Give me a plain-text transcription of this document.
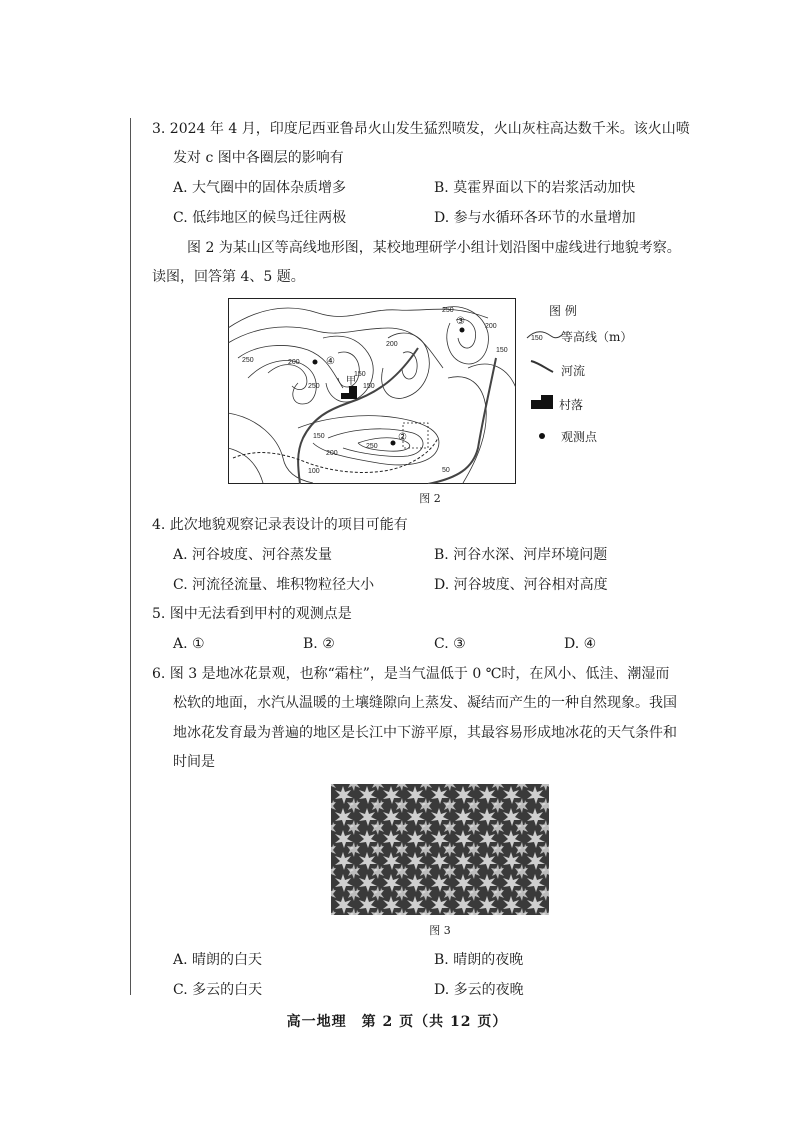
3. 2024 年 4 月，印度尼西亚鲁昂火山发生猛烈喷发，火山灰柱高达数千米。该火山喷
发对 c 图中各圈层的影响有
A. 大气圈中的固体杂质增多	B. 莫霍界面以下的岩浆活动加快
C. 低纬地区的候鸟迁往两极	D. 参与水循环各环节的水量增加
图 2 为某山区等高线地形图，某校地理研学小组计划沿图中虚线进行地貌考察。
读图，回答第 4、5 题。
250
200
150
250	200
250	150
150
200
250
100	50
200
150
甲
③
④
②
图 例
150 等高线（m）
河流
村落
观测点
图 2
4. 此次地貌观察记录表设计的项目可能有
A. 河谷坡度、河谷蒸发量	B. 河谷水深、河岸环境问题
C. 河流径流量、堆积物粒径大小	D. 河谷坡度、河谷相对高度
5. 图中无法看到甲村的观测点是
A. ①	B. ②	C. ③	D. ④
6. 图 3 是地冰花景观，也称“霜柱”，是当气温低于 0 ℃时，在风小、低洼、潮湿而
松软的地面，水汽从温暖的土壤缝隙向上蒸发、凝结而产生的一种自然现象。我国
地冰花发育最为普遍的地区是长江中下游平原，其最容易形成地冰花的天气条件和
时间是
图 3
A. 晴朗的白天	B. 晴朗的夜晚
C. 多云的白天	D. 多云的夜晚
高一地理　第 2 页（共 12 页）
